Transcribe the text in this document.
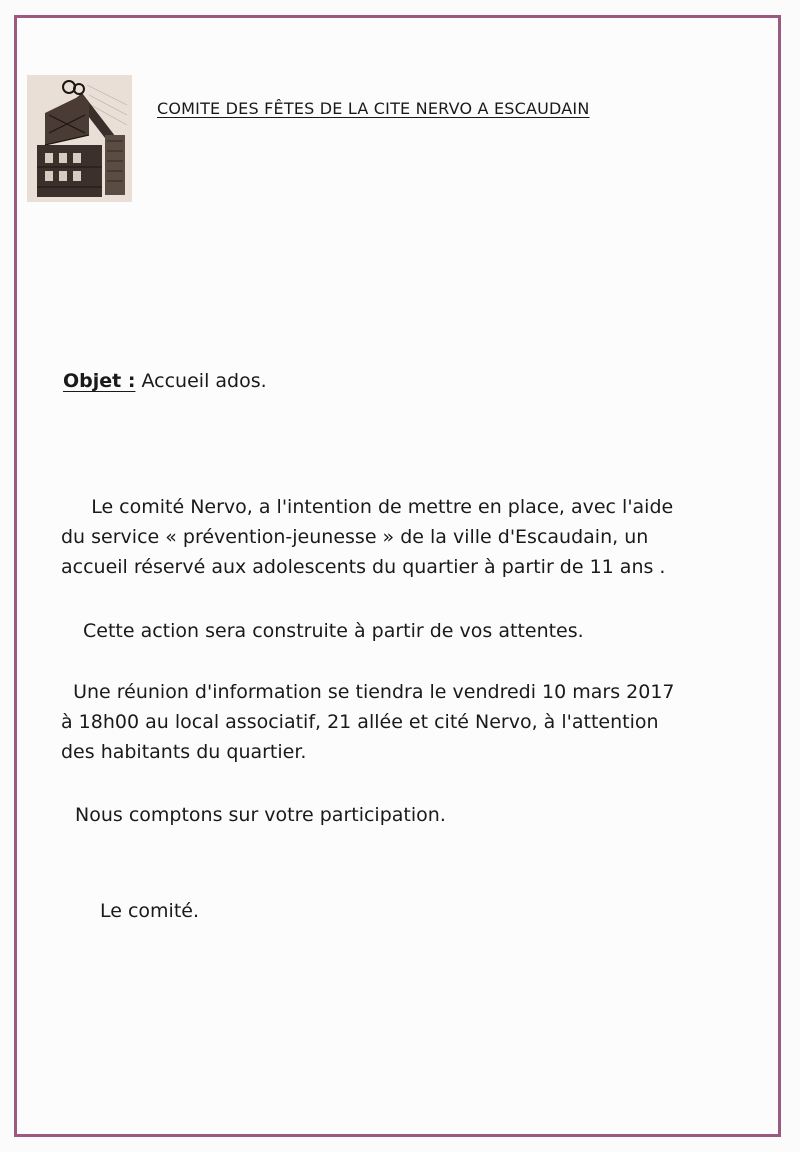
COMITE DES FÊTES DE LA CITE NERVO A ESCAUDAIN
Objet : Accueil ados.
Le comité Nervo, a l'intention de mettre en place, avec l'aide
du service « prévention-jeunesse » de la ville d'Escaudain, un
accueil réservé aux adolescents du quartier à partir de 11 ans .
Cette action sera construite à partir de vos attentes.
Une réunion d'information se tiendra le vendredi 10 mars 2017
à 18h00 au local associatif, 21 allée et cité Nervo, à l'attention
des habitants du quartier.
Nous comptons sur votre participation.
Le comité.
